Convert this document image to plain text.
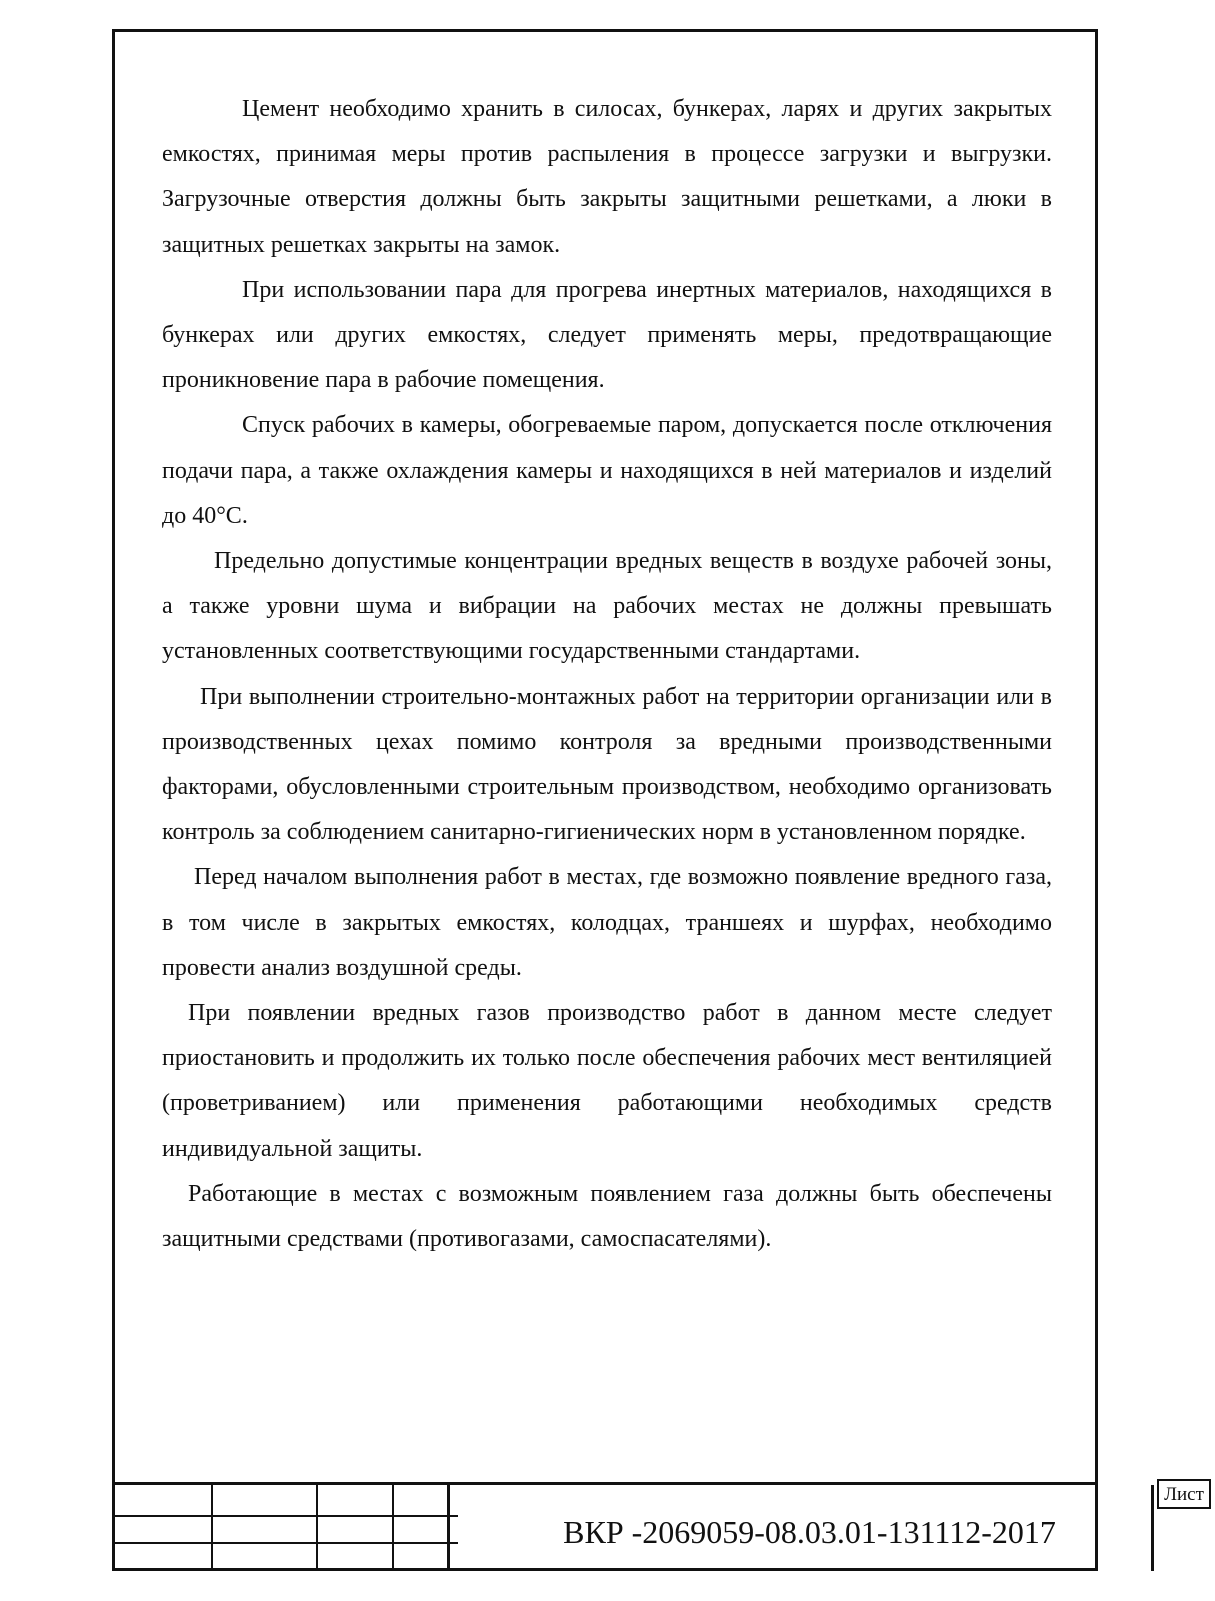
Цемент необходимо хранить в силосах, бункерах, ларях и других закрытых емкостях, принимая меры против распыления в процессе загрузки и выгрузки. Загрузочные отверстия должны быть закрыты защитными решетками, а люки в защитных решетках закрыты на замок.

При использовании пара для прогрева инертных материалов, находящихся в бункерах или других емкостях, следует применять меры, предотвращающие проникновение пара в рабочие помещения.

Спуск рабочих в камеры, обогреваемые паром, допускается после отключения подачи пара, а также охлаждения камеры и находящихся в ней материалов и изделий до 40°С.

Предельно допустимые концентрации вредных веществ в воздухе рабочей зоны, а также уровни шума и вибрации на рабочих местах не должны превышать установленных соответствующими государственными стандартами.

При выполнении строительно-монтажных работ на территории организации или в производственных цехах помимо контроля за вредными производственными факторами, обусловленными строительным производством, необходимо организовать контроль за соблюдением санитарно-гигиенических норм в установленном порядке.

Перед началом выполнения работ в местах, где возможно появление вредного газа, в том числе в закрытых емкостях, колодцах, траншеях и шурфах, необходимо провести анализ воздушной среды.

При появлении вредных газов производство работ в данном месте следует приостановить и продолжить их только после обеспечения рабочих мест вентиляцией (проветриванием) или применения работающими необходимых средств индивидуальной защиты.

Работающие в местах с возможным появлением газа должны быть обеспечены защитными средствами (противогазами, самоспасателями).

ВКР -2069059-08.03.01-131112-2017
Лист
